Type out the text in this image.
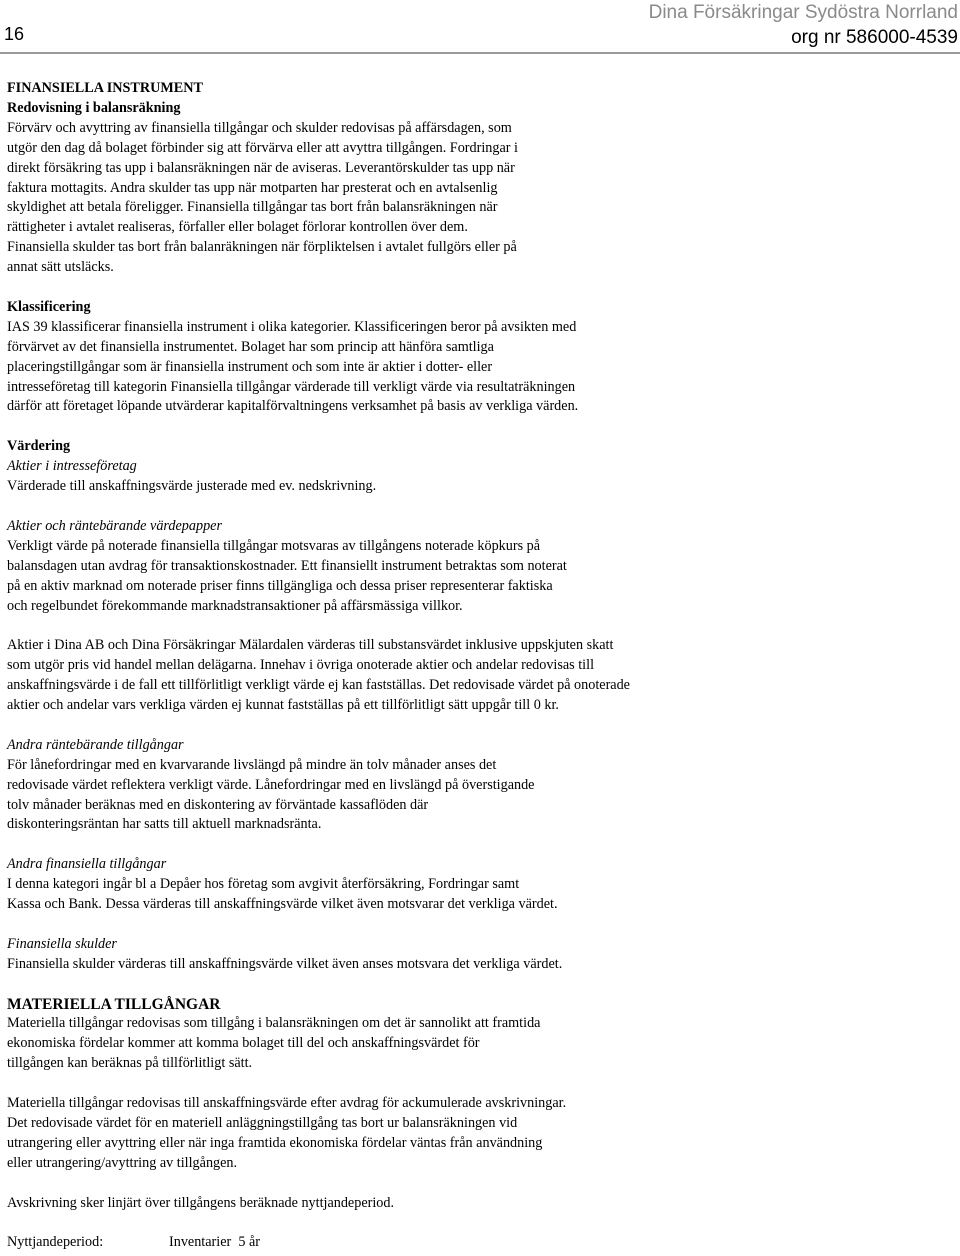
16
Dina Försäkringar Sydöstra Norrland
org nr 586000-4539

FINANSIELLA INSTRUMENT

Redovisning i balansräkning

Förvärv och avyttring av finansiella tillgångar och skulder redovisas på affärsdagen, som
utgör den dag då bolaget förbinder sig att förvärva eller att avyttra tillgången. Fordringar i
direkt försäkring tas upp i balansräkningen när de aviseras. Leverantörskulder tas upp när
faktura mottagits. Andra skulder tas upp när motparten har presterat och en avtalsenlig
skyldighet att betala föreligger. Finansiella tillgångar tas bort från balansräkningen när
rättigheter i avtalet realiseras, förfaller eller bolaget förlorar kontrollen över dem.
Finansiella skulder tas bort från balanräkningen när förpliktelsen i avtalet fullgörs eller på
annat sätt utsläcks.

Klassificering

IAS 39 klassificerar finansiella instrument i olika kategorier. Klassificeringen beror på avsikten med
förvärvet av det finansiella instrumentet. Bolaget har som princip att hänföra samtliga
placeringstillgångar som är finansiella instrument och som inte är aktier i dotter- eller
intresseföretag till kategorin Finansiella tillgångar värderade till verkligt värde via resultaträkningen
därför att företaget löpande utvärderar kapitalförvaltningens verksamhet på basis av verkliga värden.

Värdering

Aktier i intresseföretag

Värderade till anskaffningsvärde justerade med ev. nedskrivning.

Aktier och räntebärande värdepapper

Verkligt värde på noterade finansiella tillgångar motsvaras av tillgångens noterade köpkurs på
balansdagen utan avdrag för transaktionskostnader. Ett finansiellt instrument betraktas som noterat
på en aktiv marknad om noterade priser finns tillgängliga och dessa priser representerar faktiska
och regelbundet förekommande marknadstransaktioner på affärsmässiga villkor.
Aktier i Dina AB och Dina Försäkringar Mälardalen värderas till substansvärdet inklusive uppskjuten skatt
som utgör pris vid handel mellan delägarna. Innehav i övriga onoterade aktier och andelar redovisas till
anskaffningsvärde i de fall ett tillförlitligt verkligt värde ej kan fastställas. Det redovisade värdet på onoterade
aktier och andelar vars verkliga värden ej kunnat fastställas på ett tillförlitligt sätt uppgår till 0 kr.

Andra räntebärande tillgångar

För lånefordringar med en kvarvarande livslängd på mindre än tolv månader anses det
redovisade värdet reflektera verkligt värde. Lånefordringar med en livslängd på överstigande
tolv månader beräknas med en diskontering av förväntade kassaflöden där
diskonteringsräntan har satts till aktuell marknadsränta.

Andra finansiella tillgångar

I denna kategori ingår bl a Depåer hos företag som avgivit återförsäkring, Fordringar samt
Kassa och Bank. Dessa värderas till anskaffningsvärde vilket även motsvarar det verkliga värdet.

Finansiella skulder

Finansiella skulder värderas till anskaffningsvärde vilket även anses motsvara det verkliga värdet.

MATERIELLA TILLGÅNGAR

Materiella tillgångar redovisas som tillgång i balansräkningen om det är sannolikt att framtida
ekonomiska fördelar kommer att komma bolaget till del och anskaffningsvärdet för
tillgången kan beräknas på tillförlitligt sätt.
Materiella tillgångar redovisas till anskaffningsvärde efter avdrag för ackumulerade avskrivningar.
Det redovisade värdet för en materiell anläggningstillgång tas bort ur balansräkningen vid
utrangering eller avyttring eller när inga framtida ekonomiska fördelar väntas från användning
eller utrangering/avyttring av tillgången.
Avskrivning sker linjärt över tillgångens beräknade nyttjandeperiod.

Nyttjandeperiod:	Inventarier 5 år
